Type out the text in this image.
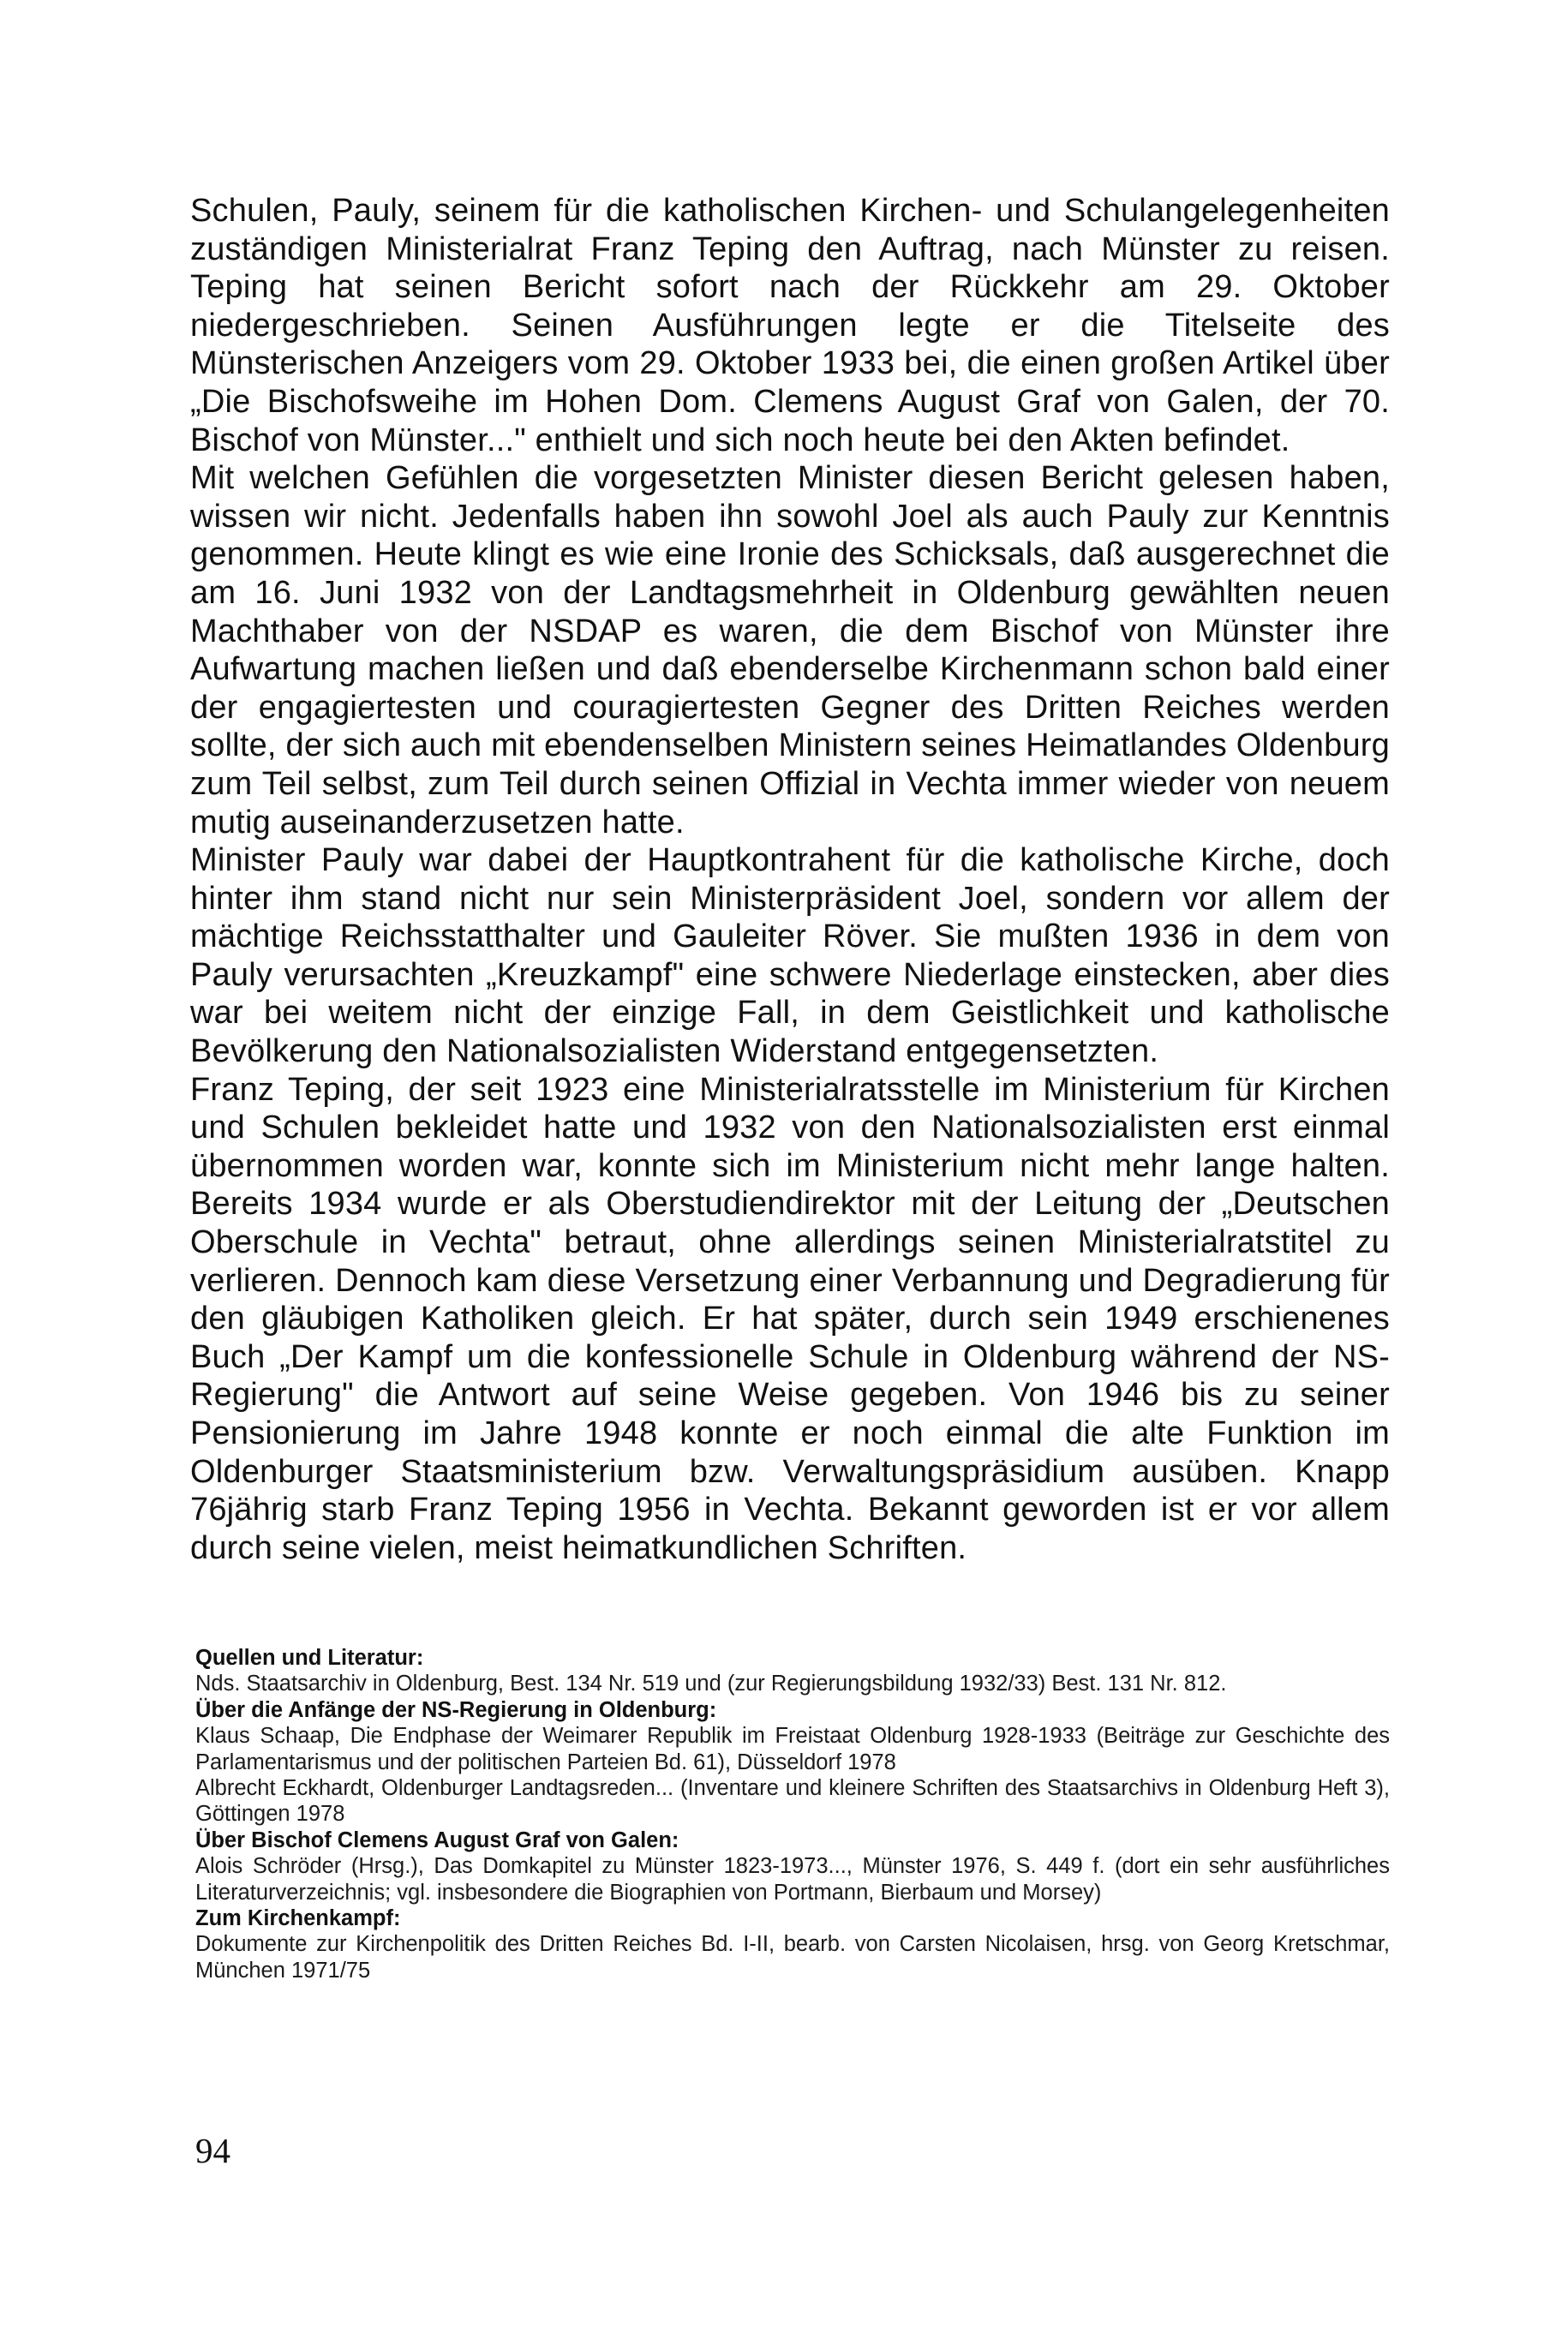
Schulen, Pauly, seinem für die katholischen Kirchen- und Schulangelegenheiten zuständigen Ministerialrat Franz Teping den Auftrag, nach Münster zu reisen. Teping hat seinen Bericht sofort nach der Rückkehr am 29. Oktober niedergeschrieben. Seinen Ausführungen legte er die Titelseite des Münsterischen Anzeigers vom 29. Oktober 1933 bei, die einen großen Artikel über „Die Bischofsweihe im Hohen Dom. Clemens August Graf von Galen, der 70. Bischof von Münster..." enthielt und sich noch heute bei den Akten befindet.

Mit welchen Gefühlen die vorgesetzten Minister diesen Bericht gelesen haben, wissen wir nicht. Jedenfalls haben ihn sowohl Joel als auch Pauly zur Kenntnis genommen. Heute klingt es wie eine Ironie des Schicksals, daß ausgerechnet die am 16. Juni 1932 von der Landtagsmehrheit in Oldenburg gewählten neuen Machthaber von der NSDAP es waren, die dem Bischof von Münster ihre Aufwartung machen ließen und daß ebenderselbe Kirchenmann schon bald einer der engagiertesten und couragiertesten Gegner des Dritten Reiches werden sollte, der sich auch mit ebendenselben Ministern seines Heimatlandes Oldenburg zum Teil selbst, zum Teil durch seinen Offizial in Vechta immer wieder von neuem mutig auseinanderzusetzen hatte.

Minister Pauly war dabei der Hauptkontrahent für die katholische Kirche, doch hinter ihm stand nicht nur sein Ministerpräsident Joel, sondern vor allem der mächtige Reichsstatthalter und Gauleiter Röver. Sie mußten 1936 in dem von Pauly verursachten „Kreuzkampf" eine schwere Niederlage einstecken, aber dies war bei weitem nicht der einzige Fall, in dem Geistlichkeit und katholische Bevölkerung den Nationalsozialisten Widerstand entgegensetzten.

Franz Teping, der seit 1923 eine Ministerialratsstelle im Ministerium für Kirchen und Schulen bekleidet hatte und 1932 von den Nationalsozialisten erst einmal übernommen worden war, konnte sich im Ministerium nicht mehr lange halten. Bereits 1934 wurde er als Oberstudiendirektor mit der Leitung der „Deutschen Oberschule in Vechta" betraut, ohne allerdings seinen Ministerialratstitel zu verlieren. Dennoch kam diese Versetzung einer Verbannung und Degradierung für den gläubigen Katholiken gleich. Er hat später, durch sein 1949 erschienenes Buch „Der Kampf um die konfessionelle Schule in Oldenburg während der NS-Regierung" die Antwort auf seine Weise gegeben. Von 1946 bis zu seiner Pensionierung im Jahre 1948 konnte er noch einmal die alte Funktion im Oldenburger Staatsministerium bzw. Verwaltungspräsidium ausüben. Knapp 76jährig starb Franz Teping 1956 in Vechta. Bekannt geworden ist er vor allem durch seine vielen, meist heimatkundlichen Schriften.

Quellen und Literatur:

Nds. Staatsarchiv in Oldenburg, Best. 134 Nr. 519 und (zur Regierungsbildung 1932/33) Best. 131 Nr. 812.

Über die Anfänge der NS-Regierung in Oldenburg:

Klaus Schaap, Die Endphase der Weimarer Republik im Freistaat Oldenburg 1928-1933 (Beiträge zur Geschichte des Parlamentarismus und der politischen Parteien Bd. 61), Düsseldorf 1978

Albrecht Eckhardt, Oldenburger Landtagsreden... (Inventare und kleinere Schriften des Staatsarchivs in Oldenburg Heft 3), Göttingen 1978

Über Bischof Clemens August Graf von Galen:

Alois Schröder (Hrsg.), Das Domkapitel zu Münster 1823-1973..., Münster 1976, S. 449 f. (dort ein sehr ausführliches Literaturverzeichnis; vgl. insbesondere die Biographien von Portmann, Bierbaum und Morsey)

Zum Kirchenkampf:

Dokumente zur Kirchenpolitik des Dritten Reiches Bd. I-II, bearb. von Carsten Nicolaisen, hrsg. von Georg Kretschmar, München 1971/75

94
